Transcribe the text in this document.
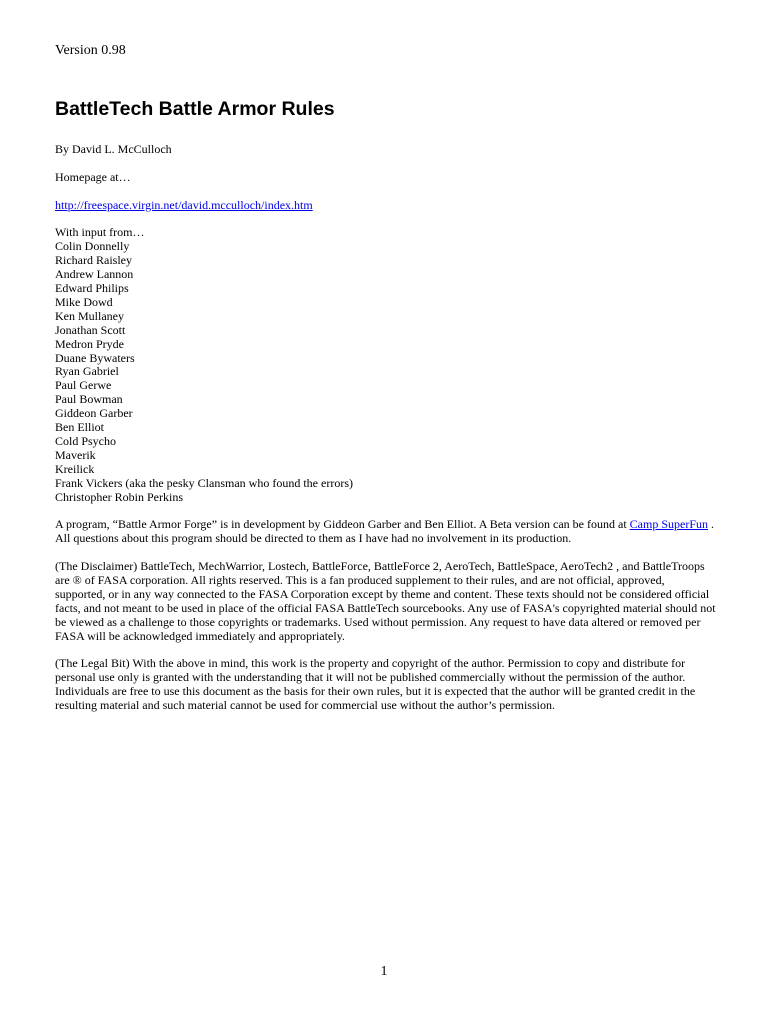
Version 0.98
BattleTech Battle Armor Rules

By David L. McCulloch

Homepage at…

http://freespace.virgin.net/david.mcculloch/index.htm

With input from…
Colin Donnelly
Richard Raisley
Andrew Lannon
Edward Philips
Mike Dowd
Ken Mullaney
Jonathan Scott
Medron Pryde
Duane Bywaters
Ryan Gabriel
Paul Gerwe
Paul Bowman
Giddeon Garber
Ben Elliot
Cold Psycho
Maverik
Kreilick
Frank Vickers (aka the pesky Clansman who found the errors)
Christopher Robin Perkins

A program, “Battle Armor Forge” is in development by Giddeon Garber and Ben Elliot. A Beta version can be found at Camp SuperFun . All questions about this program should be directed to them as I have had no involvement in its production.

(The Disclaimer) BattleTech, MechWarrior, Lostech, BattleForce, BattleForce 2, AeroTech, BattleSpace, AeroTech2 , and BattleTroops are ® of FASA corporation. All rights reserved. This is a fan produced supplement to their rules, and are not official, approved, supported, or in any way connected to the FASA Corporation except by theme and content. These texts should not be considered official facts, and not meant to be used in place of the official FASA BattleTech sourcebooks. Any use of FASA's copyrighted material should not be viewed as a challenge to those copyrights or trademarks. Used without permission. Any request to have data altered or removed per FASA will be acknowledged immediately and appropriately.

(The Legal Bit) With the above in mind, this work is the property and copyright of the author. Permission to copy and distribute for personal use only is granted with the understanding that it will not be published commercially without the permission of the author. Individuals are free to use this document as the basis for their own rules, but it is expected that the author will be granted credit in the resulting material and such material cannot be used for commercial use without the author’s permission.

1
